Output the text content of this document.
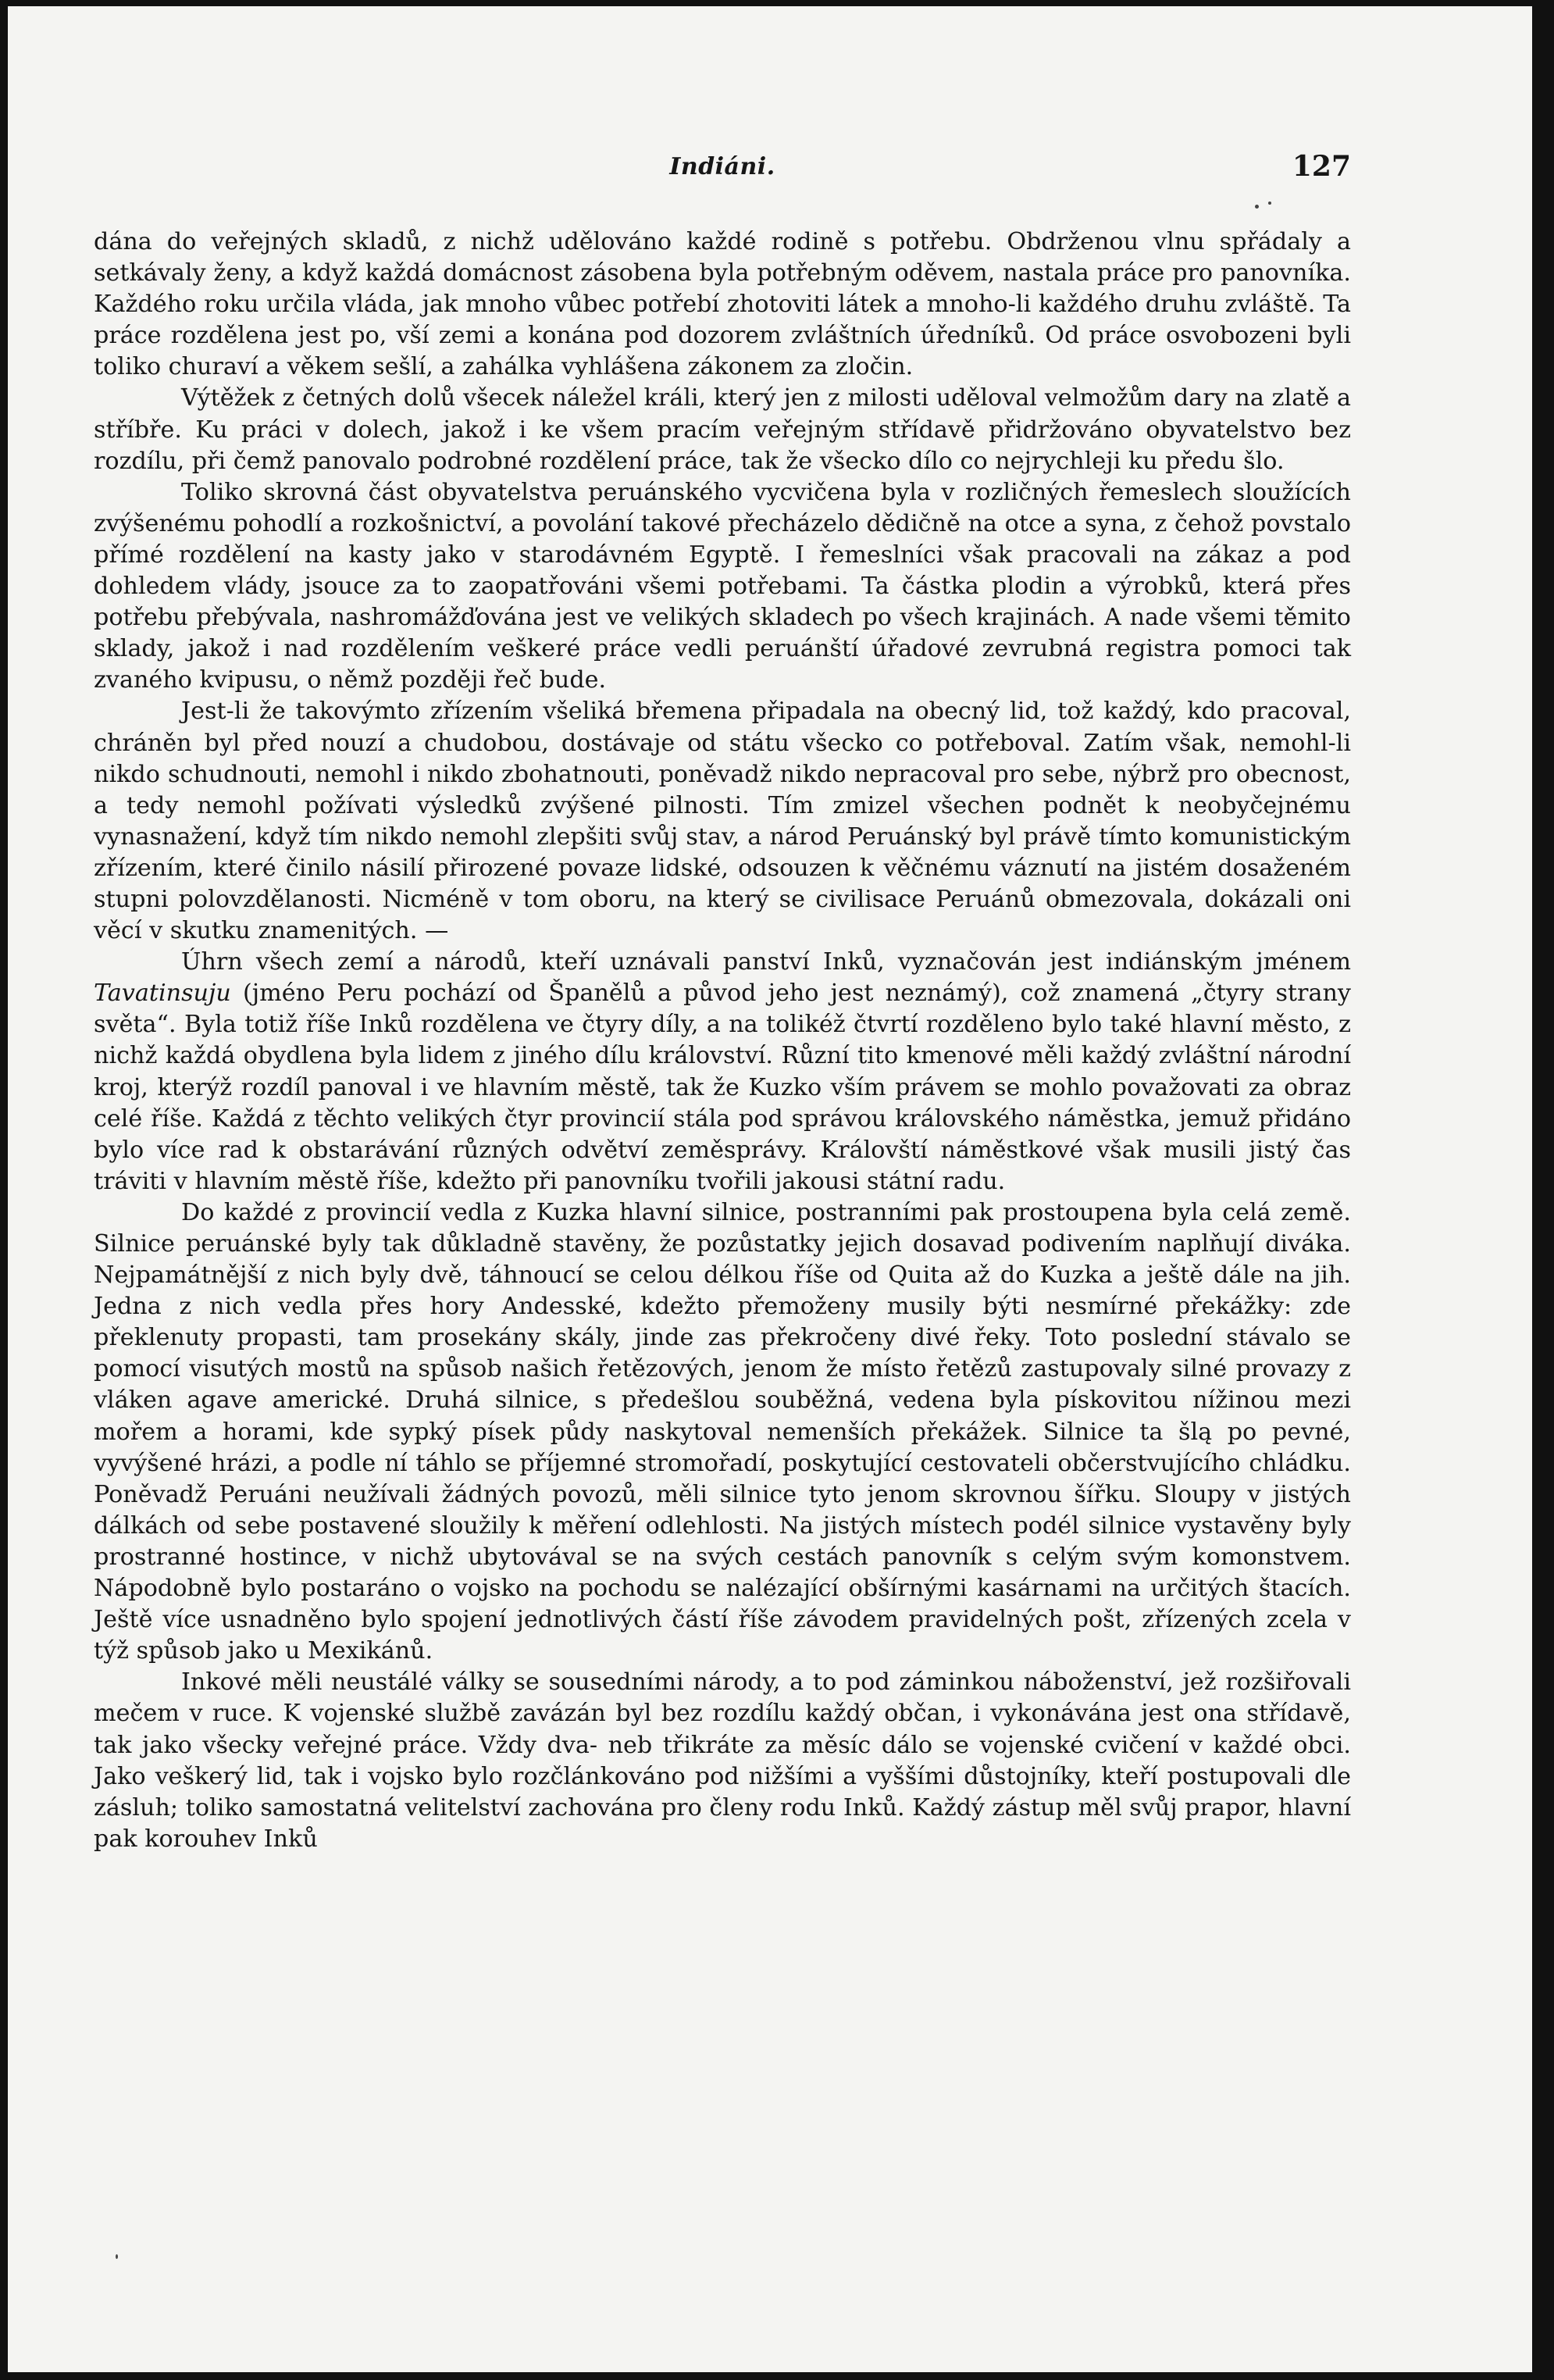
Indiáni.	127

dána do veřejných skladů, z nichž udělováno každé rodině s potřebu. Obdrženou vlnu spřádaly a setkávaly ženy, a když každá domácnost zásobena byla potřebným oděvem, nastala práce pro panovníka. Každého roku určila vláda, jak mnoho vůbec potřebí zhotoviti látek a mnoho-li každého druhu zvláště. Ta práce rozdělena jest po, vší zemi a konána pod dozorem zvláštních úředníků. Od práce osvobozeni byli toliko churaví a věkem sešlí, a zahálka vyhlášena zákonem za zločin.

Výtěžek z četných dolů všecek náležel králi, který jen z milosti uděloval velmožům dary na zlatě a stříbře. Ku práci v dolech, jakož i ke všem pracím veřejným střídavě přidržováno obyvatelstvo bez rozdílu, při čemž panovalo podrobné rozdělení práce, tak že všecko dílo co nejrychleji ku předu šlo.

Toliko skrovná část obyvatelstva peruánského vycvičena byla v rozličných řemeslech sloužících zvýšenému pohodlí a rozkošnictví, a povolání takové přecházelo dědičně na otce a syna, z čehož povstalo přímé rozdělení na kasty jako v starodávném Egyptě. I řemeslníci však pracovali na zákaz a pod dohledem vlády, jsouce za to zaopatřováni všemi potřebami. Ta částka plodin a výrobků, která přes potřebu přebývala, nashromážďována jest ve velikých skladech po všech krajinách. A nade všemi těmito sklady, jakož i nad rozdělením veškeré práce vedli peruánští úřadové zevrubná registra pomoci tak zvaného kvipusu, o němž později řeč bude.

Jest-li že takovýmto zřízením všeliká břemena připadala na obecný lid, tož každý, kdo pracoval, chráněn byl před nouzí a chudobou, dostávaje od státu všecko co potřeboval. Zatím však, nemohl-li nikdo schudnouti, nemohl i nikdo zbohatnouti, poněvadž nikdo nepracoval pro sebe, nýbrž pro obecnost, a tedy nemohl požívati výsledků zvýšené pilnosti. Tím zmizel všechen podnět k neobyčejnému vynasnažení, když tím nikdo nemohl zlepšiti svůj stav, a národ Peruánský byl právě tímto komunistickým zřízením, které činilo násilí přirozené povaze lidské, odsouzen k věčnému váznutí na jistém dosaženém stupni polovzdělanosti. Nicméně v tom oboru, na který se civilisace Peruánů obmezovala, dokázali oni věcí v skutku znamenitých. —

Úhrn všech zemí a národů, kteří uznávali panství Inků, vyznačován jest indiánským jménem Tavatinsuju (jméno Peru pochází od Španělů a původ jeho jest neznámý), což znamená „čtyry strany světa“. Byla totiž říše Inků rozdělena ve čtyry díly, a na tolikéž čtvrtí rozděleno bylo také hlavní město, z nichž každá obydlena byla lidem z jiného dílu království. Různí tito kmenové měli každý zvláštní národní kroj, kterýž rozdíl panoval i ve hlavním městě, tak že Kuzko vším právem se mohlo považovati za obraz celé říše. Každá z těchto velikých čtyr provincií stála pod správou královského náměstka, jemuž přidáno bylo více rad k obstarávání různých odvětví zeměsprávy. Královští náměstkové však musili jistý čas tráviti v hlavním městě říše, kdežto při panovníku tvořili jakousi státní radu.

Do každé z provincií vedla z Kuzka hlavní silnice, postranními pak prostoupena byla celá země. Silnice peruánské byly tak důkladně stavěny, že pozůstatky jejich dosavad podivením naplňují diváka. Nejpamátnější z nich byly dvě, táhnoucí se celou délkou říše od Quita až do Kuzka a ještě dále na jih. Jedna z nich vedla přes hory Andesské, kdežto přemoženy musily býti nesmírné překážky: zde překlenuty propasti, tam prosekány skály, jinde zas překročeny divé řeky. Toto poslední stávalo se pomocí visutých mostů na spůsob našich řetězových, jenom že místo řetězů zastupovaly silné provazy z vláken agave americké. Druhá silnice, s předešlou souběžná, vedena byla pískovitou nížinou mezi mořem a horami, kde sypký písek půdy naskytoval nemenších překážek. Silnice ta šlą po pevné, vyvýšené hrázi, a podle ní táhlo se příjemné stromořadí, poskytující cestovateli občerstvujícího chládku. Poněvadž Peruáni neužívali žádných povozů, měli silnice tyto jenom skrovnou šířku. Sloupy v jistých dálkách od sebe postavené sloužily k měření odlehlosti. Na jistých místech podél silnice vystavěny byly prostranné hostince, v nichž ubytovával se na svých cestách panovník s celým svým komonstvem. Nápodobně bylo postaráno o vojsko na pochodu se nalézající obšírnými kasárnami na určitých štacích. Ještě více usnadněno bylo spojení jednotlivých částí říše závodem pravidelných pošt, zřízených zcela v týž spůsob jako u Mexikánů.

Inkové měli neustálé války se sousedními národy, a to pod záminkou náboženství, jež rozšiřovali mečem v ruce. K vojenské službě zavázán byl bez rozdílu každý občan, i vykonávána jest ona střídavě, tak jako všecky veřejné práce. Vždy dva- neb třikráte za měsíc dálo se vojenské cvičení v každé obci. Jako veškerý lid, tak i vojsko bylo rozčlánkováno pod nižšími a vyššími důstojníky, kteří postupovali dle zásluh; toliko samostatná velitelství zachována pro členy rodu Inků. Každý zástup měl svůj prapor, hlavní pak korouhev Inků
